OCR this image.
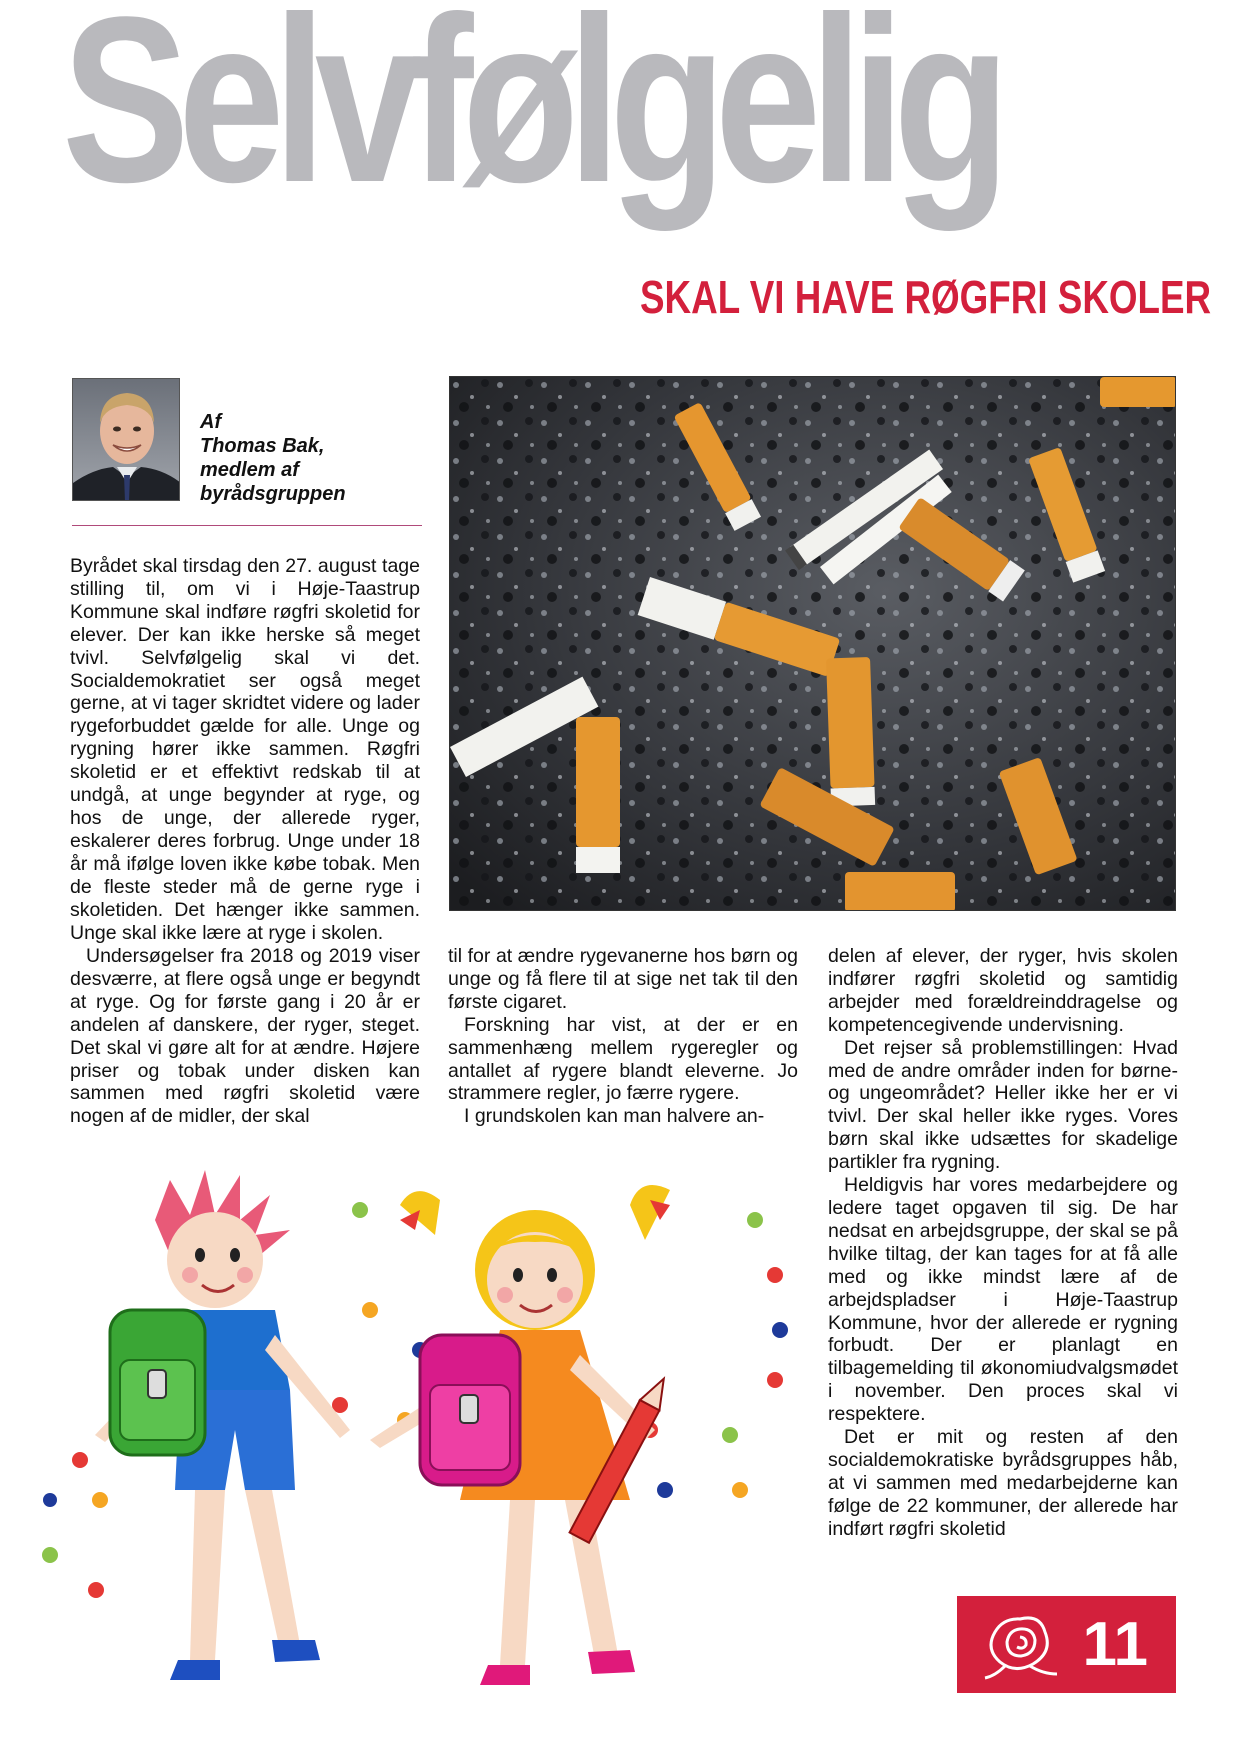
Selvfølgelig
SKAL VI HAVE RØGFRI SKOLER
Af
Thomas Bak,
medlem af
byrådsgruppen

Byrådet skal tirsdag den 27. august tage stilling til, om vi i Høje-Taastrup Kommune skal indføre røgfri skoletid for elever. Der kan ikke herske så meget tvivl. Selvfølgelig skal vi det. Socialdemokratiet ser også meget gerne, at vi tager skridtet videre og lader rygeforbuddet gælde for alle. Unge og rygning hører ikke sammen. Røgfri skoletid er et effektivt redskab til at undgå, at unge begynder at ryge, og hos de unge, der allerede ryger, eskalerer deres forbrug. Unge under 18 år må ifølge loven ikke købe tobak. Men de fleste steder må de gerne ryge i skoletiden. Det hænger ikke sammen. Unge skal ikke lære at ryge i skolen.

Undersøgelser fra 2018 og 2019 viser desværre, at flere også unge er begyndt at ryge. Og for første gang i 20 år er andelen af danskere, der ryger, steget. Det skal vi gøre alt for at ændre. Højere priser og tobak under disken kan sammen med røgfri skoletid være nogen af de midler, der skal

til for at ændre rygevanerne hos børn og unge og få flere til at sige net tak til den første cigaret.

Forskning har vist, at der er en sammenhæng mellem rygeregler og antallet af rygere blandt eleverne. Jo strammere regler, jo færre rygere.

I grundskolen kan man halvere an-

delen af elever, der ryger, hvis skolen indfører røgfri skoletid og samtidig arbejder med forældreinddragelse og kompetencegivende undervisning.

Det rejser så problemstillingen: Hvad med de andre områder inden for børne- og ungeområdet? Heller ikke her er vi tvivl. Der skal heller ikke ryges. Vores børn skal ikke udsættes for skadelige partikler fra rygning.

Heldigvis har vores medarbejdere og ledere taget opgaven til sig. De har nedsat en arbejdsgruppe, der skal se på hvilke tiltag, der kan tages for at få alle med og ikke mindst lære af de arbejdspladser i Høje-Taastrup Kommune, hvor der allerede er rygning forbudt. Der er planlagt en tilbagemelding til økonomiudvalgsmødet i november. Den proces skal vi respektere.

Det er mit og resten af den socialdemokratiske byrådsgruppes håb, at vi sammen med medarbejderne kan følge de 22 kommuner, der allerede har indført røgfri skoletid

11
